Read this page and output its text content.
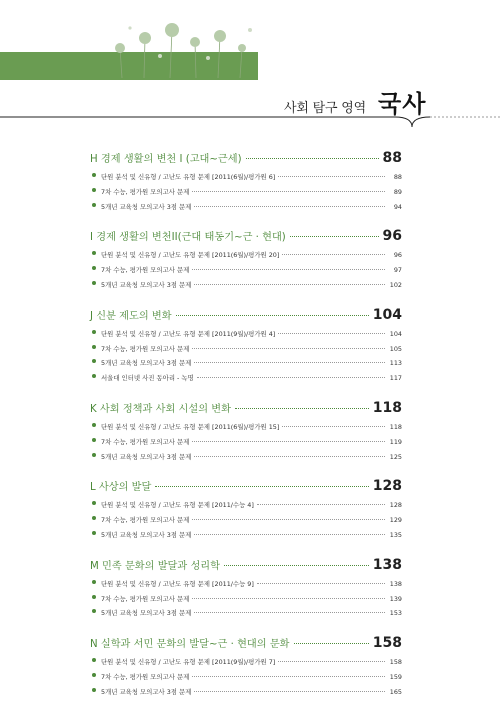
사회 탐구 영역 국사
H 경제 생활의 변천 I (고대~근세)	88
단원 분석 및 신유형 / 고난도 유형 문제 [2011(6월)/평가원 6]	88
7차 수능, 평가원 모의고사 문제	89
5개년 교육청 모의고사 3점 문제	94
I 경제 생활의 변천II(근대 태동기~근 · 현대)	96
단원 분석 및 신유형 / 고난도 유형 문제 [2011(6월)/평가원 20]	96
7차 수능, 평가원 모의고사 문제	97
5개년 교육청 모의고사 3점 문제	102
J 신분 제도의 변화	104
단원 분석 및 신유형 / 고난도 유형 문제 [2011(9월)/평가원 4]	104
7차 수능, 평가원 모의고사 문제	105
5개년 교육청 모의고사 3점 문제	113
서울대 인터넷 사진 동아리 - 녹명	117
K 사회 정책과 사회 시설의 변화	118
단원 분석 및 신유형 / 고난도 유형 문제 [2011(6월)/평가원 15]	118
7차 수능, 평가원 모의고사 문제	119
5개년 교육청 모의고사 3점 문제	125
L 사상의 발달	128
단원 분석 및 신유형 / 고난도 유형 문제 [2011/수능 4]	128
7차 수능, 평가원 모의고사 문제	129
5개년 교육청 모의고사 3점 문제	135
M 민족 문화의 발달과 성리학	138
단원 분석 및 신유형 / 고난도 유형 문제 [2011/수능 9]	138
7차 수능, 평가원 모의고사 문제	139
5개년 교육청 모의고사 3점 문제	153
N 실학과 서민 문화의 발달~근 · 현대의 문화	158
단원 분석 및 신유형 / 고난도 유형 문제 [2011(9월)/평가원 7]	158
7차 수능, 평가원 모의고사 문제	159
5개년 교육청 모의고사 3점 문제	165
